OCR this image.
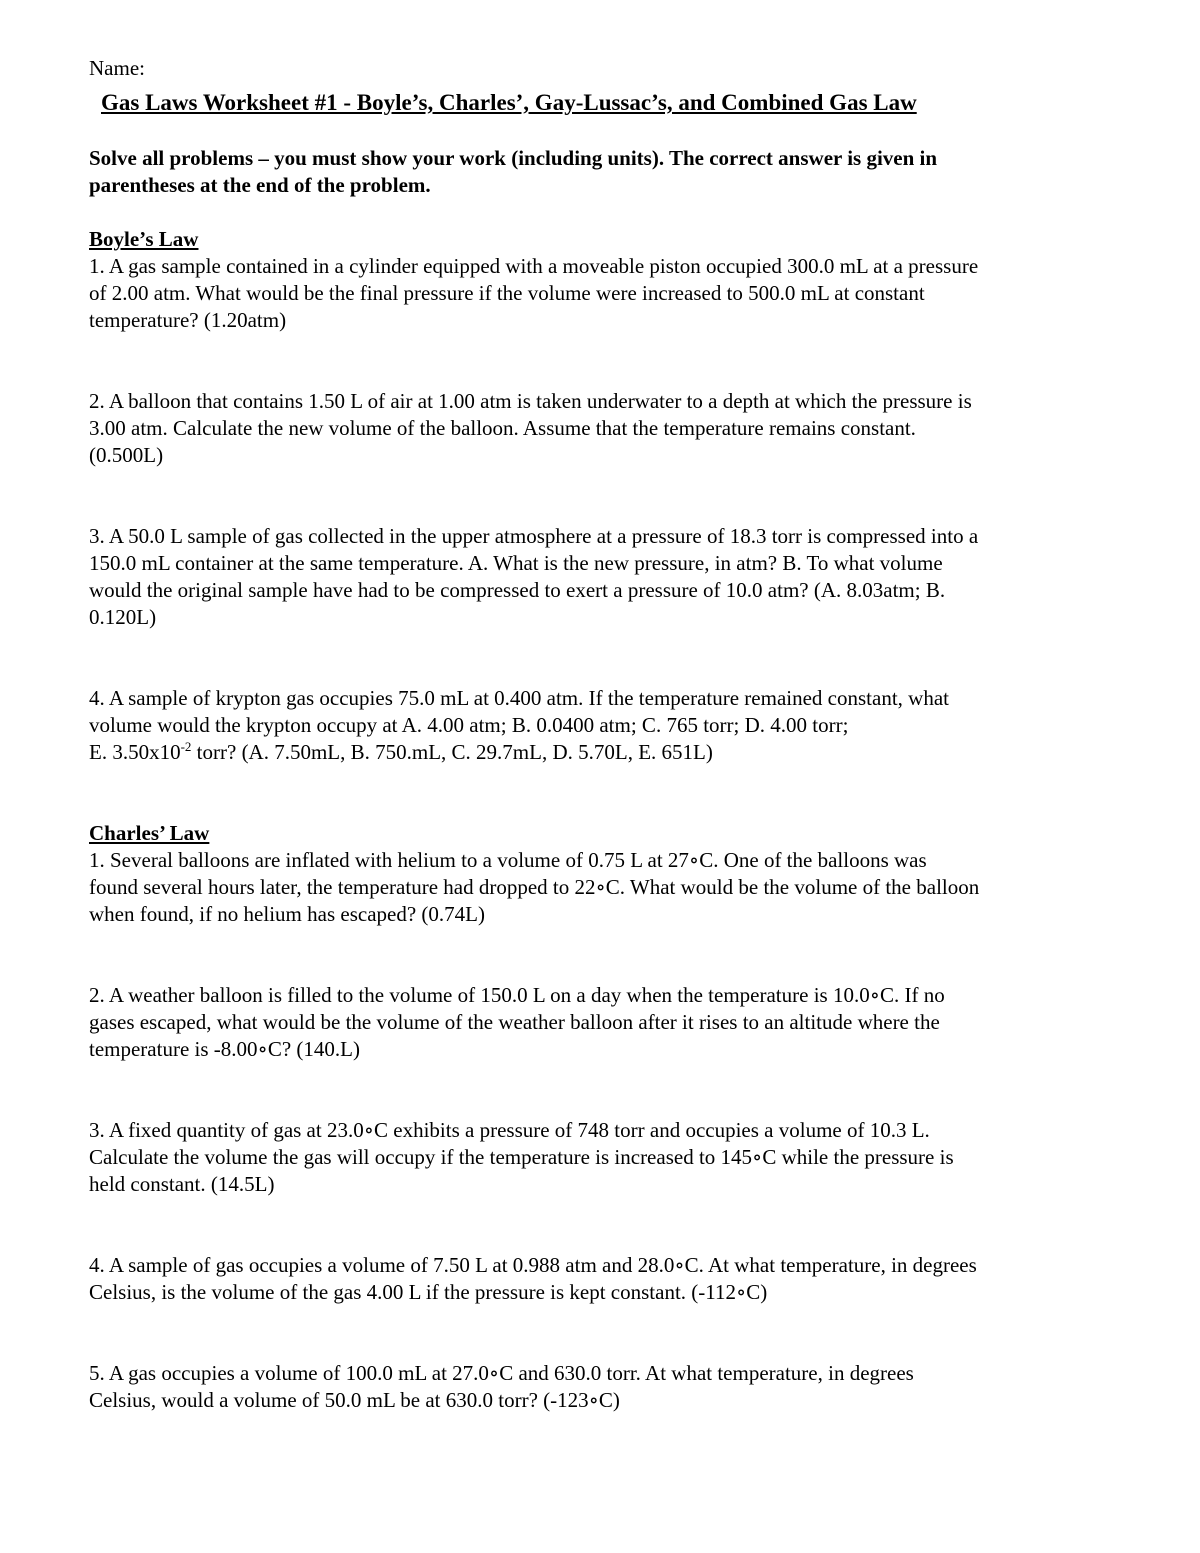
Name:

Gas Laws Worksheet #1 - Boyle’s, Charles’, Gay-Lussac’s, and Combined Gas Law

Solve all problems – you must show your work (including units). The correct answer is given in
parentheses at the end of the problem.

Boyle’s Law

1. A gas sample contained in a cylinder equipped with a moveable piston occupied 300.0 mL at a pressure
of 2.00 atm. What would be the final pressure if the volume were increased to 500.0 mL at constant
temperature? (1.20atm)

2. A balloon that contains 1.50 L of air at 1.00 atm is taken underwater to a depth at which the pressure is
3.00 atm. Calculate the new volume of the balloon. Assume that the temperature remains constant.
(0.500L)

3. A 50.0 L sample of gas collected in the upper atmosphere at a pressure of 18.3 torr is compressed into a
150.0 mL container at the same temperature. A. What is the new pressure, in atm? B. To what volume
would the original sample have had to be compressed to exert a pressure of 10.0 atm? (A. 8.03atm; B.
0.120L)

4. A sample of krypton gas occupies 75.0 mL at 0.400 atm. If the temperature remained constant, what
volume would the krypton occupy at A. 4.00 atm; B. 0.0400 atm; C. 765 torr; D. 4.00 torr;
E. $3.50x10^{-2}$ torr? (A. 7.50mL, B. 750.mL, C. 29.7mL, D. 5.70L, E. 651L)

Charles’ Law

1. Several balloons are inflated with helium to a volume of 0.75 L at 27∘C. One of the balloons was
found several hours later, the temperature had dropped to 22∘C. What would be the volume of the balloon
when found, if no helium has escaped? (0.74L)

2. A weather balloon is filled to the volume of 150.0 L on a day when the temperature is 10.0∘C. If no
gases escaped, what would be the volume of the weather balloon after it rises to an altitude where the
temperature is -8.00∘C? (140.L)

3. A fixed quantity of gas at 23.0∘C exhibits a pressure of 748 torr and occupies a volume of 10.3 L.
Calculate the volume the gas will occupy if the temperature is increased to 145∘C while the pressure is
held constant. (14.5L)

4. A sample of gas occupies a volume of 7.50 L at 0.988 atm and 28.0∘C. At what temperature, in degrees
Celsius, is the volume of the gas 4.00 L if the pressure is kept constant. (-112∘C)

5. A gas occupies a volume of 100.0 mL at 27.0∘C and 630.0 torr. At what temperature, in degrees
Celsius, would a volume of 50.0 mL be at 630.0 torr? (-123∘C)
